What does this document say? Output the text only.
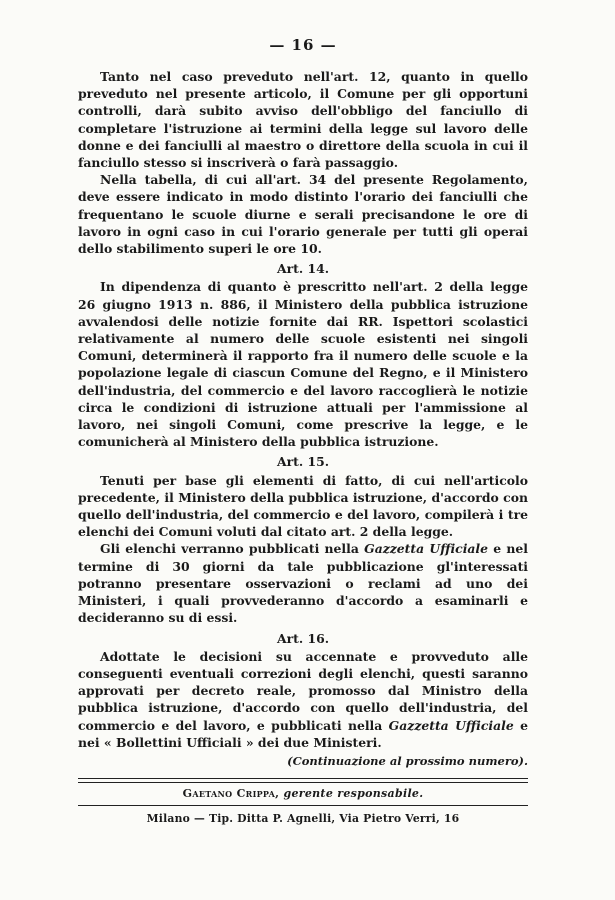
— 16 —

Tanto nel caso preveduto nell'art. 12, quanto in quello preveduto nel presente articolo, il Comune per gli opportuni controlli, darà subito avviso dell'obbligo del fanciullo di completare l'istruzione ai termini della legge sul lavoro delle donne e dei fanciulli al maestro o direttore della scuola in cui il fanciullo stesso si inscriverà o farà passaggio.

Nella tabella, di cui all'art. 34 del presente Regolamento, deve essere indicato in modo distinto l'orario dei fanciulli che frequentano le scuole diurne e serali precisandone le ore di lavoro in ogni caso in cui l'orario generale per tutti gli operai dello stabilimento superi le ore 10.

Art. 14.

In dipendenza di quanto è prescritto nell'art. 2 della legge 26 giugno 1913 n. 886, il Ministero della pubblica istruzione avvalendosi delle notizie fornite dai RR. Ispettori scolastici relativamente al numero delle scuole esistenti nei singoli Comuni, determinerà il rapporto fra il numero delle scuole e la popolazione legale di ciascun Comune del Regno, e il Ministero dell'industria, del commercio e del lavoro raccoglierà le notizie circa le condizioni di istruzione attuali per l'ammissione al lavoro, nei singoli Comuni, come prescrive la legge, e le comunicherà al Ministero della pubblica istruzione.

Art. 15.

Tenuti per base gli elementi di fatto, di cui nell'articolo precedente, il Ministero della pubblica istruzione, d'accordo con quello dell'industria, del commercio e del lavoro, compilerà i tre elenchi dei Comuni voluti dal citato art. 2 della legge.

Gli elenchi verranno pubblicati nella Gazzetta Ufficiale e nel termine di 30 giorni da tale pubblicazione gl'interessati potranno presentare osservazioni o reclami ad uno dei Ministeri, i quali provvederanno d'accordo a esaminarli e decideranno su di essi.

Art. 16.

Adottate le decisioni su accennate e provveduto alle conseguenti eventuali correzioni degli elenchi, questi saranno approvati per decreto reale, promosso dal Ministro della pubblica istruzione, d'accordo con quello dell'industria, del commercio e del lavoro, e pubblicati nella Gazzetta Ufficiale e nei « Bollettini Ufficiali » dei due Ministeri.

(Continuazione al prossimo numero).
Gaetano Crippa, gerente responsabile.
Milano — Tip. Ditta P. Agnelli, Via Pietro Verri, 16
